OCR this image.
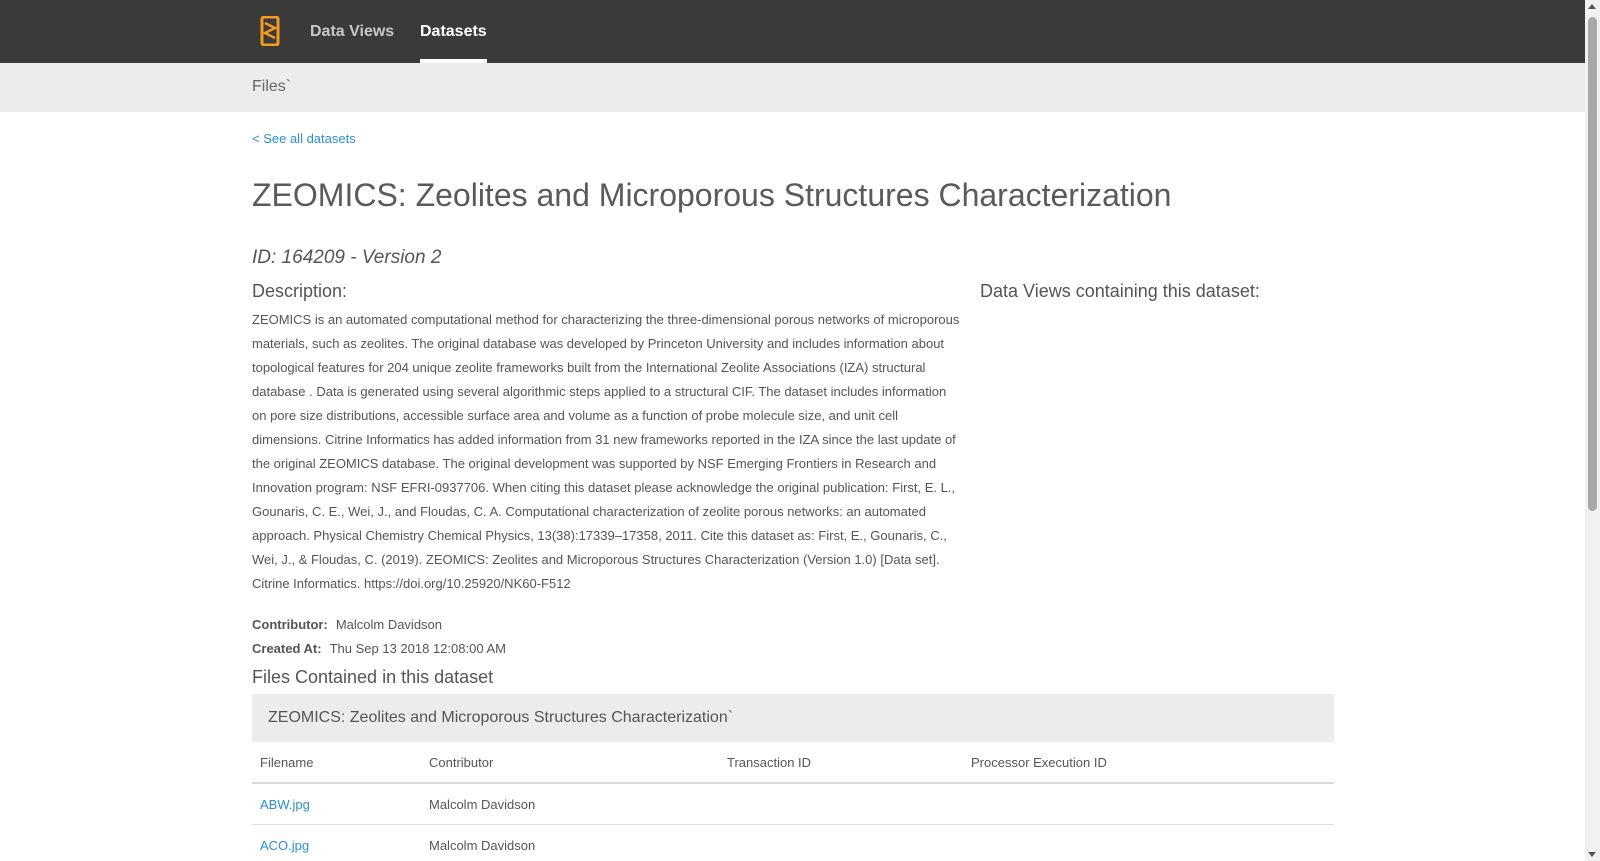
Data Views Datasets
Files`
< See all datasets
ZEOMICS: Zeolites and Microporous Structures Characterization
ID: 164209 - Version 2
Description:
ZEOMICS is an automated computational method for characterizing the three-dimensional porous networks of microporous materials, such as zeolites. The original database was developed by Princeton University and includes information about topological features for 204 unique zeolite frameworks built from the International Zeolite Associations (IZA) structural database . Data is generated using several algorithmic steps applied to a structural CIF. The dataset includes information on pore size distributions, accessible surface area and volume as a function of probe molecule size, and unit cell dimensions. Citrine Informatics has added information from 31 new frameworks reported in the IZA since the last update of the original ZEOMICS database. The original development was supported by NSF Emerging Frontiers in Research and Innovation program: NSF EFRI-0937706. When citing this dataset please acknowledge the original publication: First, E. L., Gounaris, C. E., Wei, J., and Floudas, C. A. Computational characterization of zeolite porous networks: an automated approach. Physical Chemistry Chemical Physics, 13(38):17339–17358, 2011. Cite this dataset as: First, E., Gounaris, C., Wei, J., & Floudas, C. (2019). ZEOMICS: Zeolites and Microporous Structures Characterization (Version 1.0) [Data set]. Citrine Informatics. https://doi.org/10.25920/NK60-F512
Data Views containing this dataset:
Contributor: Malcolm Davidson
Created At: Thu Sep 13 2018 12:08:00 AM
Files Contained in this dataset
ZEOMICS: Zeolites and Microporous Structures Characterization`
Filename	Contributor	Transaction ID	Processor Execution ID
ABW.jpg	Malcolm Davidson
ACO.jpg	Malcolm Davidson
